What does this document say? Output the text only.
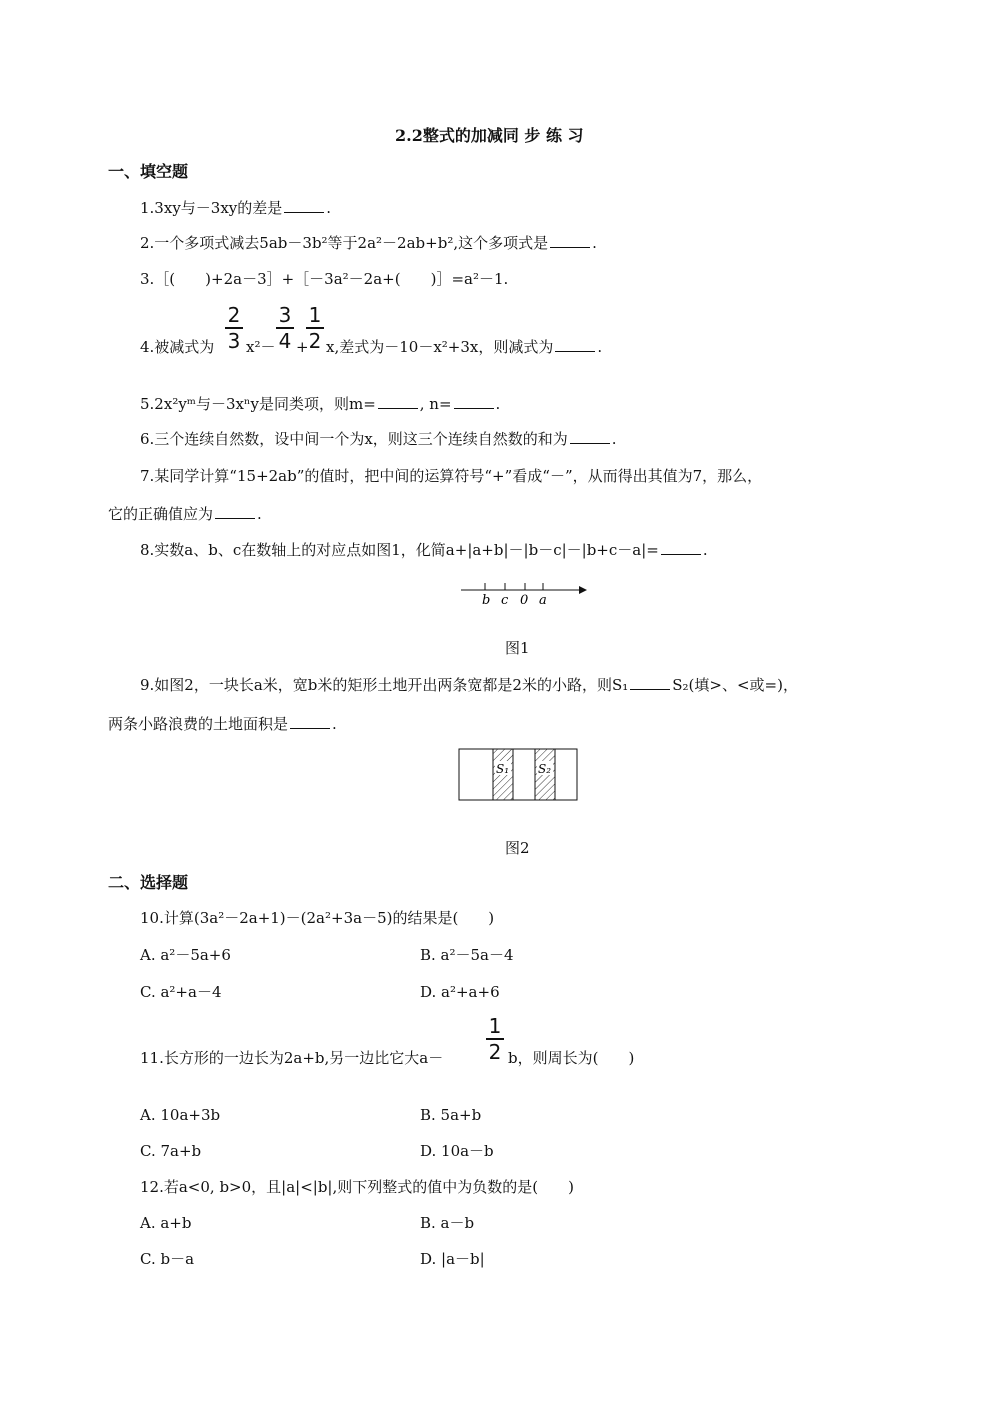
2.2整式的加减同 步 练 习
一、填空题
1.3xy与－3xy的差是	.
2.一个多项式减去5ab－3b²等于2a²－2ab+b²,这个多项式是	.
3.［(　　)+2a－3］+［－3a²－2a+(　　)］=a²－1.
2
3
3
4
1
2
4.被减式为 x²－ + x,差式为－10－x²+3x，则减式为	.
5.2x²yᵐ与－3xⁿy是同类项，则m=	, n=	.
6.三个连续自然数，设中间一个为x，则这三个连续自然数的和为	.
7.某同学计算“15+2ab”的值时，把中间的运算符号“+”看成“－”，从而得出其值为7，那么，
它的正确值应为	.
8.实数a、b、c在数轴上的对应点如图1，化简a+|a+b|－|b－c|－|b+c－a|=	.
b c 0 a
图1
9.如图2，一块长a米，宽b米的矩形土地开出两条宽都是2米的小路，则S₁	S₂(填>、<或=)，
两条小路浪费的土地面积是	.
S₁ S₂
图2
二、选择题
10.计算(3a²－2a+1)－(2a²+3a－5)的结果是(　　)
A. a²－5a+6	B. a²－5a－4
C. a²+a－4	D. a²+a+6
1
2
11.长方形的一边长为2a+b,另一边比它大a－	b，则周长为(　　)
A. 10a+3b	B. 5a+b
C. 7a+b	D. 10a－b
12.若a<0, b>0，且|a|<|b|,则下列整式的值中为负数的是(　　)
A. a+b	B. a－b
C. b－a	D. |a－b|
